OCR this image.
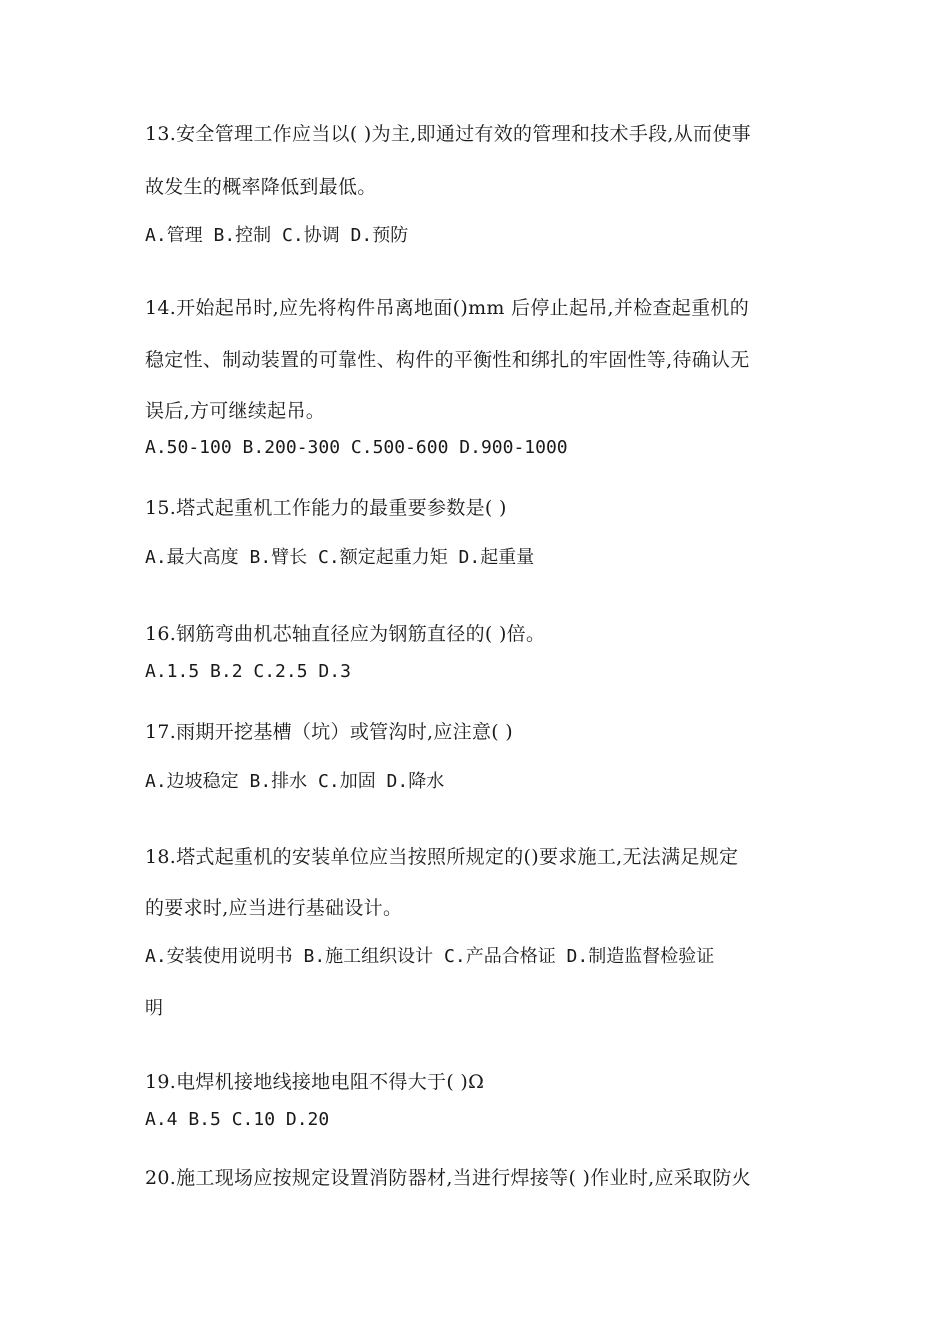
13.安全管理工作应当以( )为主,即通过有效的管理和技术手段,从而使事
故发生的概率降低到最低。
A.管理 B.控制 C.协调 D.预防
14.开始起吊时,应先将构件吊离地面()mm 后停止起吊,并检查起重机的
稳定性、制动装置的可靠性、构件的平衡性和绑扎的牢固性等,待确认无
误后,方可继续起吊。
A.50-100 B.200-300 C.500-600 D.900-1000
15.塔式起重机工作能力的最重要参数是( )
A.最大高度 B.臂长 C.额定起重力矩 D.起重量
16.钢筋弯曲机芯轴直径应为钢筋直径的( )倍。
A.1.5 B.2 C.2.5 D.3
17.雨期开挖基槽（坑）或管沟时,应注意( )
A.边坡稳定 B.排水 C.加固 D.降水
18.塔式起重机的安装单位应当按照所规定的()要求施工,无法满足规定
的要求时,应当进行基础设计。
A.安装使用说明书 B.施工组织设计 C.产品合格证 D.制造监督检验证
明
19.电焊机接地线接地电阻不得大于( )Ω
A.4 B.5 C.10 D.20
20.施工现场应按规定设置消防器材,当进行焊接等( )作业时,应采取防火
